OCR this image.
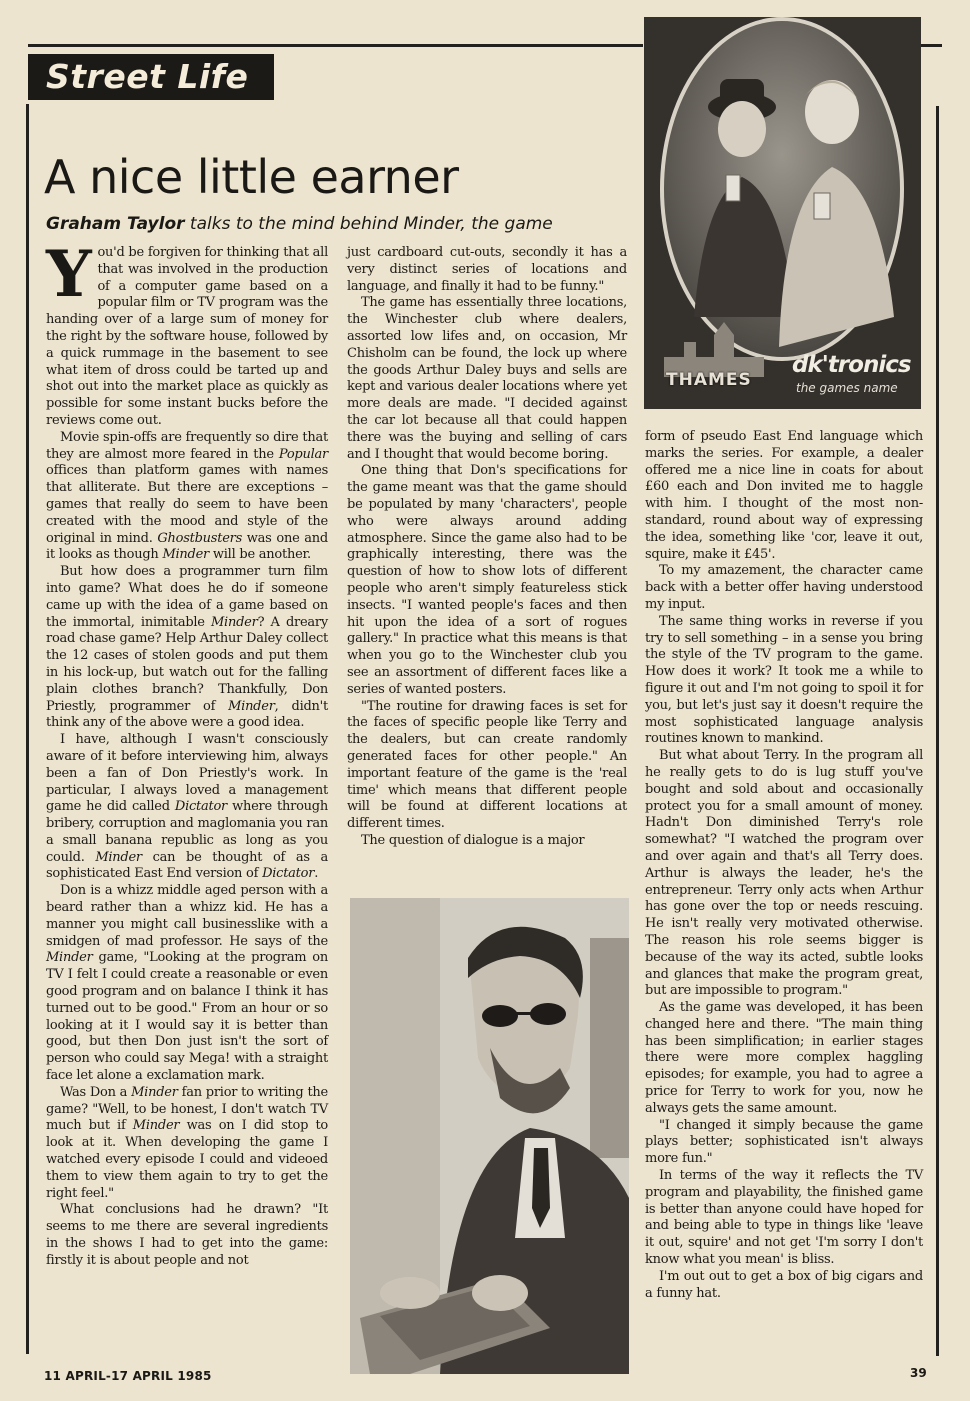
Street Life
A nice little earner
Graham Taylor talks to the mind behind Minder, the game

You'd be forgiven for thinking that all that was involved in the production of a computer game based on a popular film or TV program was the handing over of a large sum of money for the right by the software house, followed by a quick rummage in the basement to see what item of dross could be tarted up and shot out into the market place as quickly as possible for some instant bucks before the reviews come out.

Movie spin-offs are frequently so dire that they are almost more feared in the Popular offices than platform games with names that alliterate. But there are exceptions – games that really do seem to have been created with the mood and style of the original in mind. Ghostbusters was one and it looks as though Minder will be another.

But how does a programmer turn film into game? What does he do if someone came up with the idea of a game based on the immortal, inimitable Minder? A dreary road chase game? Help Arthur Daley collect the 12 cases of stolen goods and put them in his lock-up, but watch out for the falling plain clothes branch? Thankfully, Don Priestly, programmer of Minder, didn't think any of the above were a good idea.

I have, although I wasn't consciously aware of it before interviewing him, always been a fan of Don Priestly's work. In particular, I always loved a management game he did called Dictator where through bribery, corruption and maglomania you ran a small banana republic as long as you could. Minder can be thought of as a sophisticated East End version of Dictator.

Don is a whizz middle aged person with a beard rather than a whizz kid. He has a manner you might call businesslike with a smidgen of mad professor. He says of the Minder game, "Looking at the program on TV I felt I could create a reasonable or even good program and on balance I think it has turned out to be good." From an hour or so looking at it I would say it is better than good, but then Don just isn't the sort of person who could say Mega! with a straight face let alone a exclamation mark.

Was Don a Minder fan prior to writing the game? "Well, to be honest, I don't watch TV much but if Minder was on I did stop to look at it. When developing the game I watched every episode I could and videoed them to view them again to try to get the right feel."

What conclusions had he drawn? "It seems to me there are several ingredients in the shows I had to get into the game: firstly it is about people and not

just cardboard cut-outs, secondly it has a very distinct series of locations and language, and finally it had to be funny."

The game has essentially three locations, the Winchester club where dealers, assorted low lifes and, on occasion, Mr Chisholm can be found, the lock up where the goods Arthur Daley buys and sells are kept and various dealer locations where yet more deals are made. "I decided against the car lot because all that could happen there was the buying and selling of cars and I thought that would become boring.

One thing that Don's specifications for the game meant was that the game should be populated by many 'characters', people who were always around adding atmosphere. Since the game also had to be graphically interesting, there was the question of how to show lots of different people who aren't simply featureless stick insects. "I wanted people's faces and then hit upon the idea of a sort of rogues gallery." In practice what this means is that when you go to the Winchester club you see an assortment of different faces like a series of wanted posters.

"The routine for drawing faces is set for the faces of specific people like Terry and the dealers, but can create randomly generated faces for other people." An important feature of the game is the 'real time' which means that different people will be found at different locations at different times.

The question of dialogue is a major

form of pseudo East End language which marks the series. For example, a dealer offered me a nice line in coats for about £60 each and Don invited me to haggle with him. I thought of the most non-standard, round about way of expressing the idea, something like 'cor, leave it out, squire, make it £45'.

To my amazement, the character came back with a better offer having understood my input.

The same thing works in reverse if you try to sell something – in a sense you bring the style of the TV program to the game. How does it work? It took me a while to figure it out and I'm not going to spoil it for you, but let's just say it doesn't require the most sophisticated language analysis routines known to mankind.

But what about Terry. In the program all he really gets to do is lug stuff you've bought and sold about and occasionally protect you for a small amount of money. Hadn't Don diminished Terry's role somewhat? "I watched the program over and over again and that's all Terry does. Arthur is always the leader, he's the entrepreneur. Terry only acts when Arthur has gone over the top or needs rescuing. He isn't really very motivated otherwise. The reason his role seems bigger is because of the way its acted, subtle looks and glances that make the program great, but are impossible to program."

As the game was developed, it has been changed here and there. "The main thing has been simplification; in earlier stages there were more complex haggling episodes; for example, you had to agree a price for Terry to work for you, now he always gets the same amount.

"I changed it simply because the game plays better; sophisticated isn't always more fun."

In terms of the way it reflects the TV program and playability, the finished game is better than anyone could have hoped for and being able to type in things like 'leave it out, squire' and not get 'I'm sorry I don't know what you mean' is bliss.

I'm out out to get a box of big cigars and a funny hat.

THAMES
dk'tronics
the games name
11 APRIL-17 APRIL 1985	39
